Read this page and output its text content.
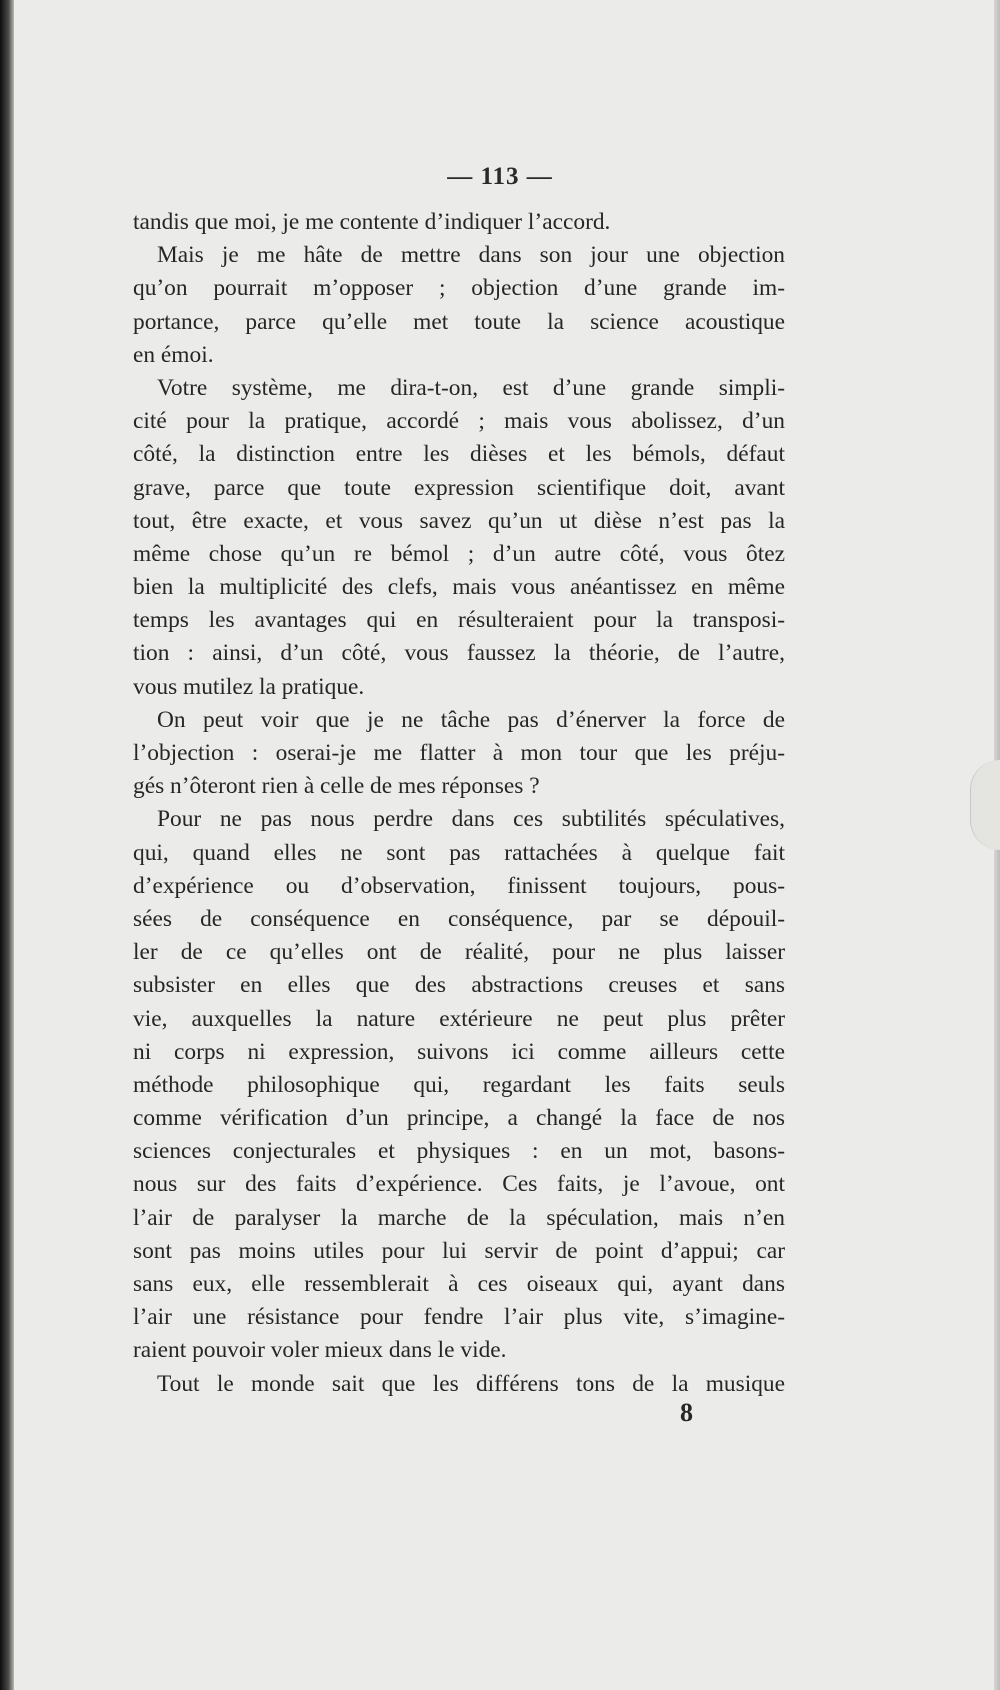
— 113 —
tandis que moi, je me contente d’indiquer l’accord.
Mais je me hâte de mettre dans son jour une objection
qu’on pourrait m’opposer ; objection d’une grande im-
portance, parce qu’elle met toute la science acoustique
en émoi.
Votre système, me dira-t-on, est d’une grande simpli-
cité pour la pratique, accordé ; mais vous abolissez, d’un
côté, la distinction entre les dièses et les bémols, défaut
grave, parce que toute expression scientifique doit, avant
tout, être exacte, et vous savez qu’un ut dièse n’est pas la
même chose qu’un re bémol ; d’un autre côté, vous ôtez
bien la multiplicité des clefs, mais vous anéantissez en même
temps les avantages qui en résulteraient pour la transposi-
tion : ainsi, d’un côté, vous faussez la théorie, de l’autre,
vous mutilez la pratique.
On peut voir que je ne tâche pas d’énerver la force de
l’objection : oserai-je me flatter à mon tour que les préju-
gés n’ôteront rien à celle de mes réponses ?
Pour ne pas nous perdre dans ces subtilités spéculatives,
qui, quand elles ne sont pas rattachées à quelque fait
d’expérience ou d’observation, finissent toujours, pous-
sées de conséquence en conséquence, par se dépouil-
ler de ce qu’elles ont de réalité, pour ne plus laisser
subsister en elles que des abstractions creuses et sans
vie, auxquelles la nature extérieure ne peut plus prêter
ni corps ni expression, suivons ici comme ailleurs cette
méthode philosophique qui, regardant les faits seuls
comme vérification d’un principe, a changé la face de nos
sciences conjecturales et physiques : en un mot, basons-
nous sur des faits d’expérience. Ces faits, je l’avoue, ont
l’air de paralyser la marche de la spéculation, mais n’en
sont pas moins utiles pour lui servir de point d’appui; car
sans eux, elle ressemblerait à ces oiseaux qui, ayant dans
l’air une résistance pour fendre l’air plus vite, s’imagine-
raient pouvoir voler mieux dans le vide.
Tout le monde sait que les différens tons de la musique
8
